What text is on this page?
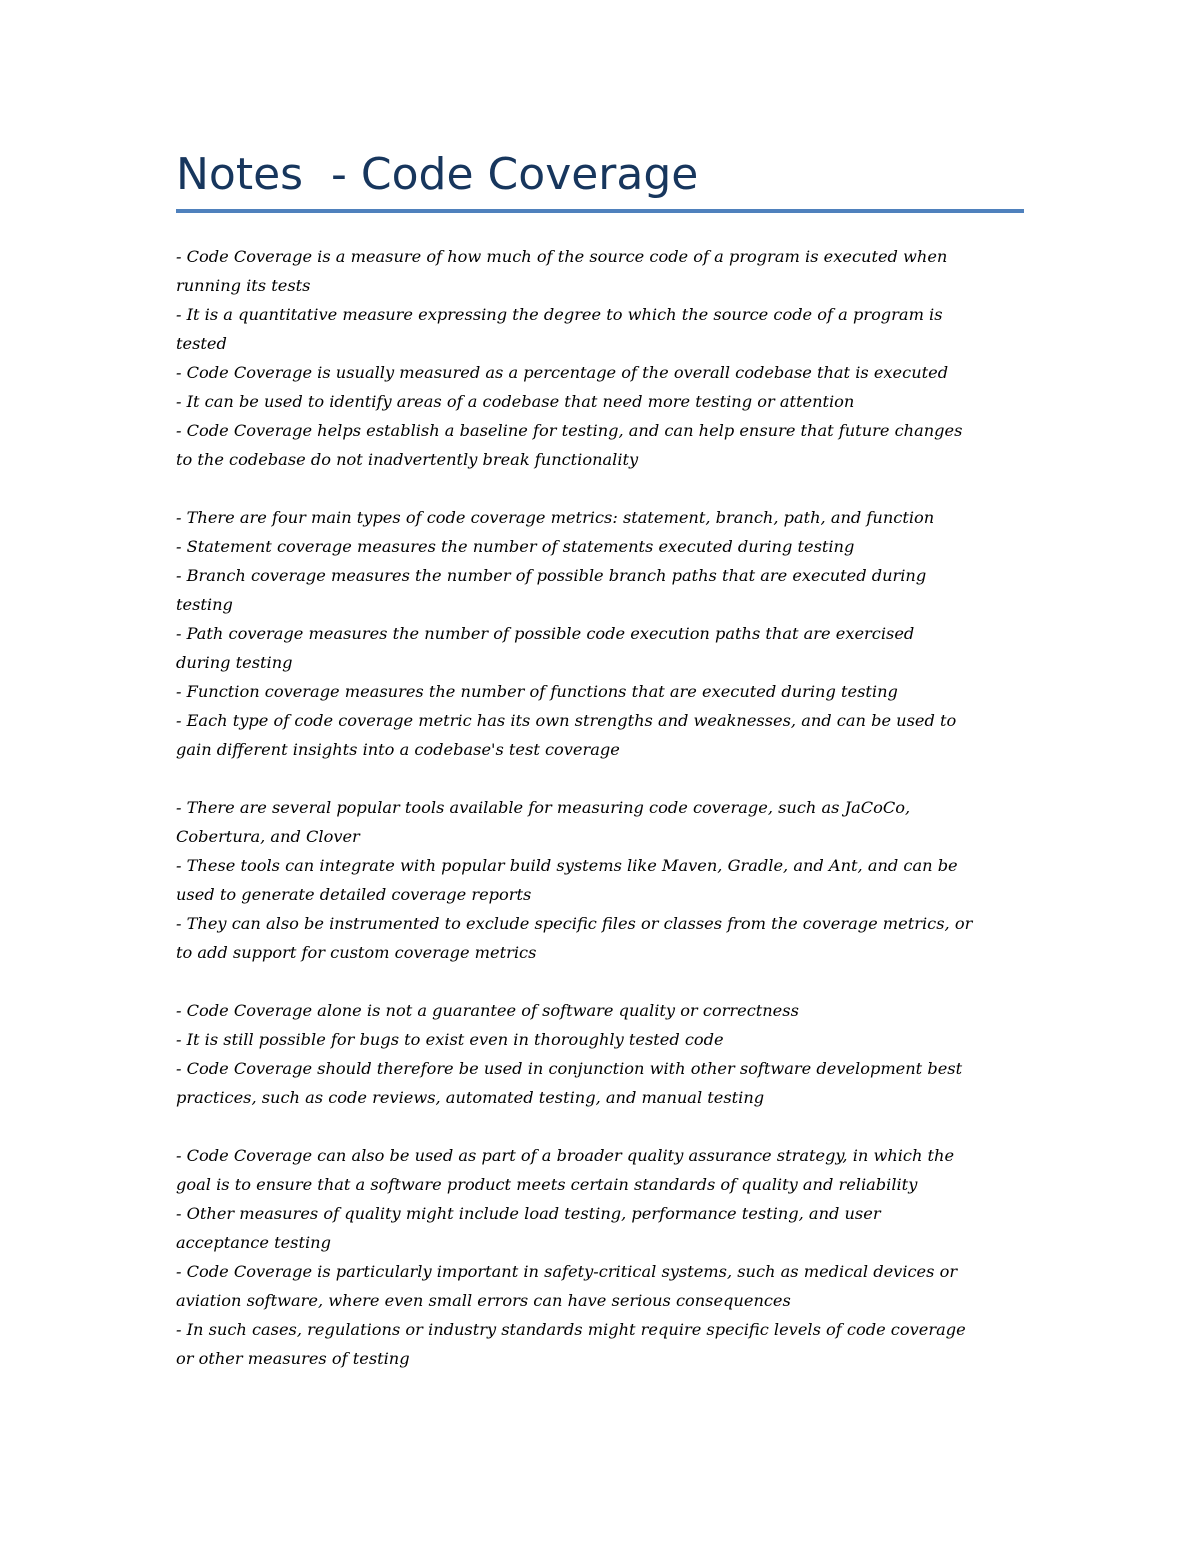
Notes  - Code Coverage
- Code Coverage is a measure of how much of the source code of a program is executed when
running its tests
- It is a quantitative measure expressing the degree to which the source code of a program is
tested
- Code Coverage is usually measured as a percentage of the overall codebase that is executed
- It can be used to identify areas of a codebase that need more testing or attention
- Code Coverage helps establish a baseline for testing, and can help ensure that future changes
to the codebase do not inadvertently break functionality
- There are four main types of code coverage metrics: statement, branch, path, and function
- Statement coverage measures the number of statements executed during testing
- Branch coverage measures the number of possible branch paths that are executed during
testing
- Path coverage measures the number of possible code execution paths that are exercised
during testing
- Function coverage measures the number of functions that are executed during testing
- Each type of code coverage metric has its own strengths and weaknesses, and can be used to
gain different insights into a codebase's test coverage
- There are several popular tools available for measuring code coverage, such as JaCoCo,
Cobertura, and Clover
- These tools can integrate with popular build systems like Maven, Gradle, and Ant, and can be
used to generate detailed coverage reports
- They can also be instrumented to exclude specific files or classes from the coverage metrics, or
to add support for custom coverage metrics
- Code Coverage alone is not a guarantee of software quality or correctness
- It is still possible for bugs to exist even in thoroughly tested code
- Code Coverage should therefore be used in conjunction with other software development best
practices, such as code reviews, automated testing, and manual testing
- Code Coverage can also be used as part of a broader quality assurance strategy, in which the
goal is to ensure that a software product meets certain standards of quality and reliability
- Other measures of quality might include load testing, performance testing, and user
acceptance testing
- Code Coverage is particularly important in safety-critical systems, such as medical devices or
aviation software, where even small errors can have serious consequences
- In such cases, regulations or industry standards might require specific levels of code coverage
or other measures of testing
